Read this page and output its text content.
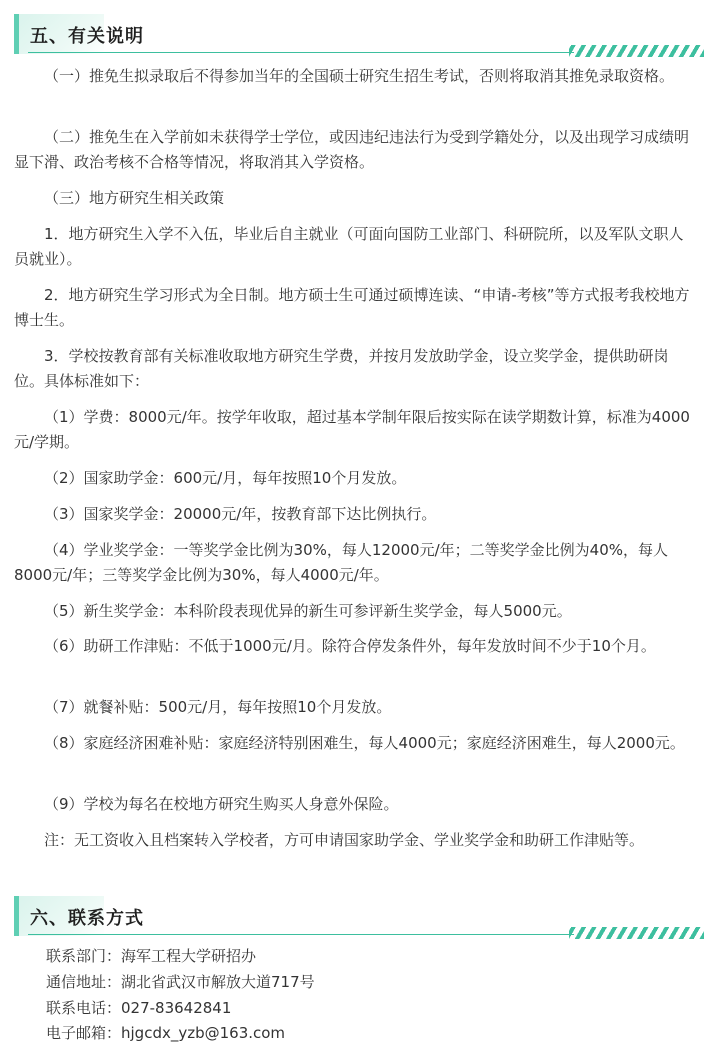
五、有关说明

（一）推免生拟录取后不得参加当年的全国硕士研究生招生考试，否则将取消其推免录取资格。

（二）推免生在入学前如未获得学士学位，或因违纪违法行为受到学籍处分，以及出现学习成绩明显下滑、政治考核不合格等情况，将取消其入学资格。

（三）地方研究生相关政策

1．地方研究生入学不入伍，毕业后自主就业（可面向国防工业部门、科研院所，以及军队文职人员就业）。

2．地方研究生学习形式为全日制。地方硕士生可通过硕博连读、“申请-考核”等方式报考我校地方博士生。

3．学校按教育部有关标准收取地方研究生学费，并按月发放助学金，设立奖学金，提供助研岗位。具体标准如下：

（1）学费：8000元/年。按学年收取，超过基本学制年限后按实际在读学期数计算，标准为4000元/学期。

（2）国家助学金：600元/月，每年按照10个月发放。

（3）国家奖学金：20000元/年，按教育部下达比例执行。

（4）学业奖学金：一等奖学金比例为30%，每人12000元/年；二等奖学金比例为40%，每人8000元/年；三等奖学金比例为30%，每人4000元/年。

（5）新生奖学金：本科阶段表现优异的新生可参评新生奖学金，每人5000元。

（6）助研工作津贴：不低于1000元/月。除符合停发条件外，每年发放时间不少于10个月。

（7）就餐补贴：500元/月，每年按照10个月发放。

（8）家庭经济困难补贴：家庭经济特别困难生，每人4000元；家庭经济困难生，每人2000元。

（9）学校为每名在校地方研究生购买人身意外保险。

注：无工资收入且档案转入学校者，方可申请国家助学金、学业奖学金和助研工作津贴等。

六、联系方式
联系部门：海军工程大学研招办
通信地址：湖北省武汉市解放大道717号
联系电话：027-83642841
电子邮箱：hjgcdx_yzb@163.com
